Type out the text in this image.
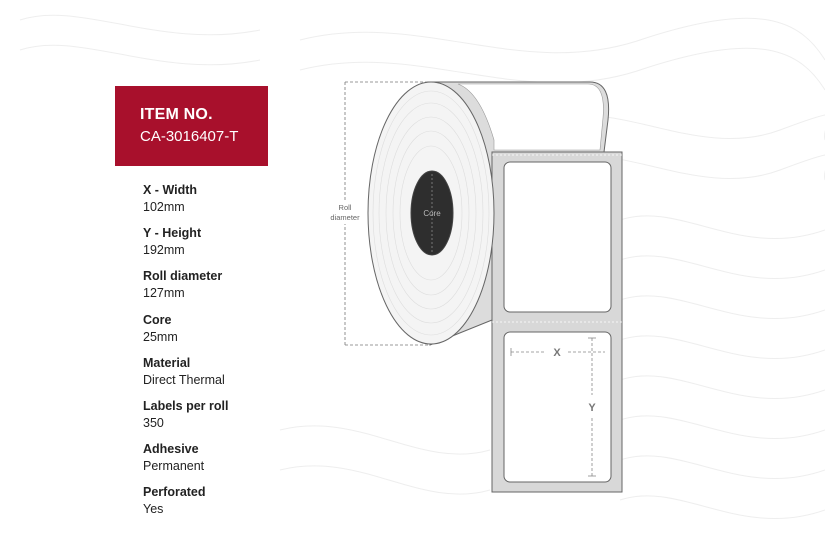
ITEM NO.
CA-3016407-T
X - Width
102mm
Y - Height
192mm
Roll diameter
127mm
Core
25mm
Material
Direct Thermal
Labels per roll
350
Adhesive
Permanent
Perforated
Yes
Roll
diameter
X
Y
Core
